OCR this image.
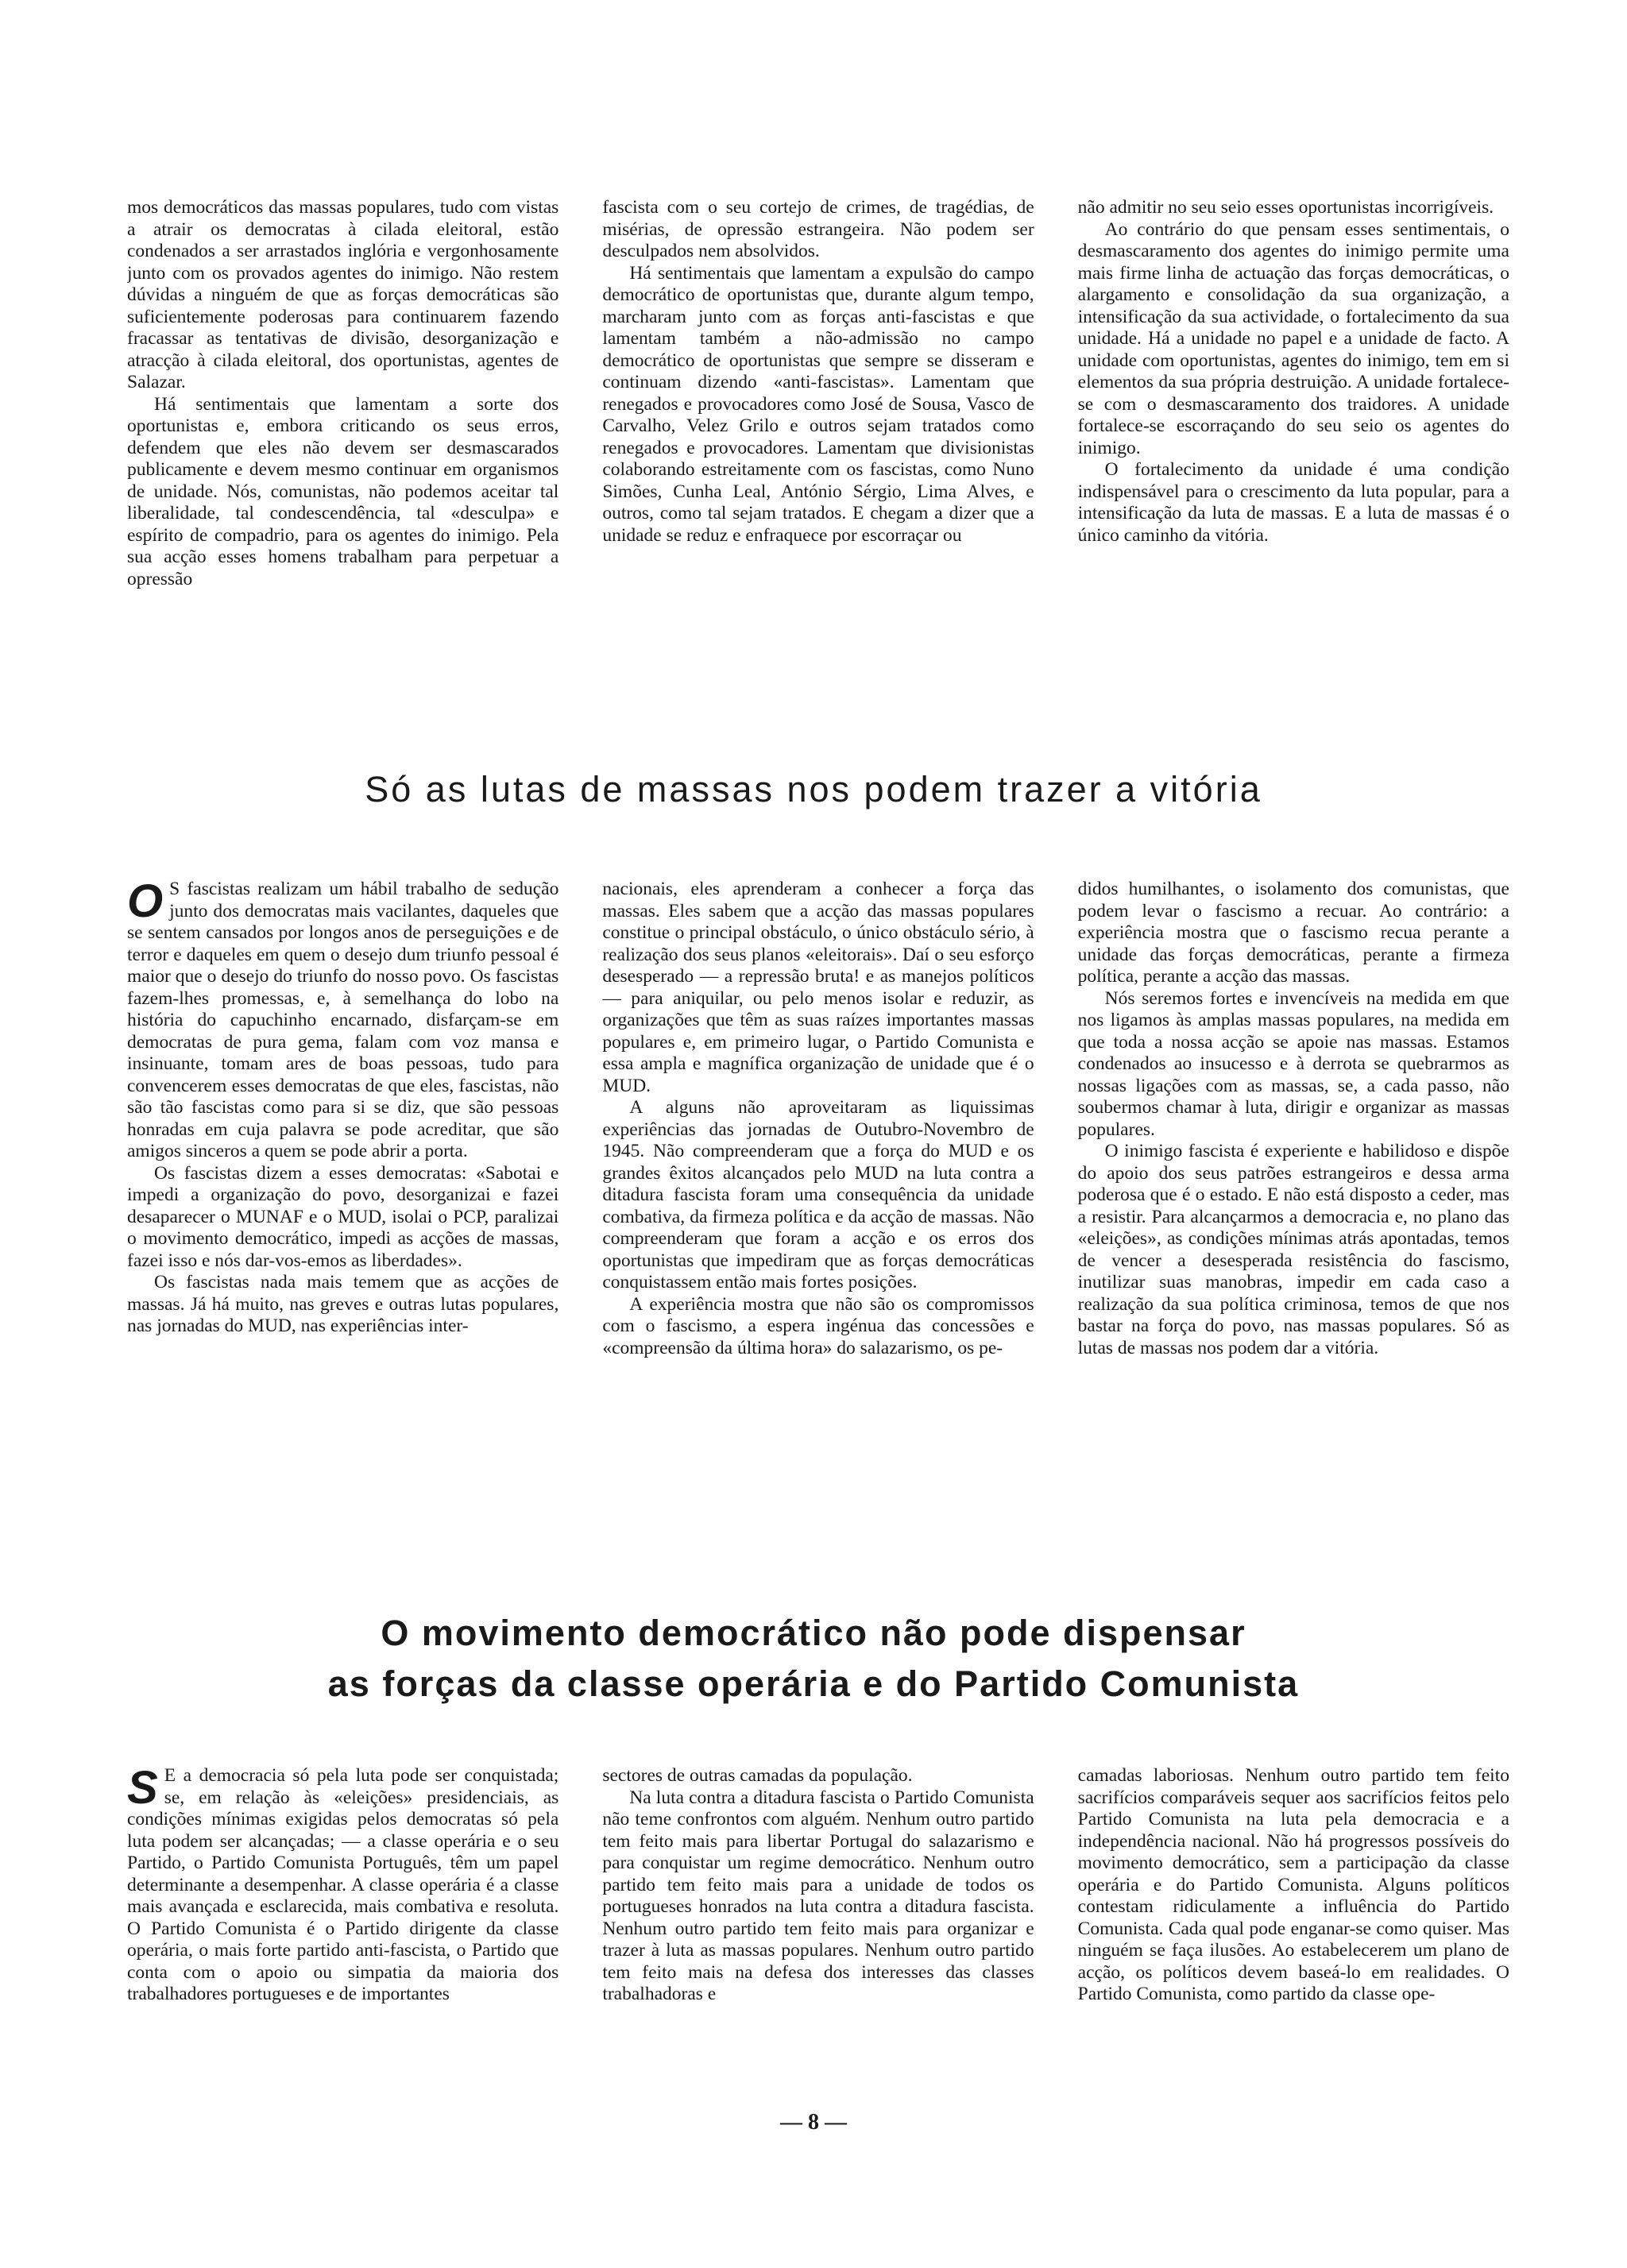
mos democráticos das massas populares, tudo com vistas a atrair os democratas à cilada eleitoral, estão condenados a ser arrastados inglória e vergonhosamente junto com os provados agentes do inimigo. Não restem dúvidas a ninguém de que as forças democráticas são suficientemente poderosas para continuarem fazendo fracassar as tentativas de divisão, desorganização e atracção à cilada eleitoral, dos oportunistas, agentes de Salazar.

Há sentimentais que lamentam a sorte dos oportunistas e, embora criticando os seus erros, defendem que eles não devem ser desmascarados publicamente e devem mesmo continuar em organismos de unidade. Nós, comunistas, não podemos aceitar tal liberalidade, tal condescendência, tal «desculpa» e espírito de compadrio, para os agentes do inimigo. Pela sua acção esses homens trabalham para perpetuar a opressão

fascista com o seu cortejo de crimes, de tragédias, de misérias, de opressão estrangeira. Não podem ser desculpados nem absolvidos.

Há sentimentais que lamentam a expulsão do campo democrático de oportunistas que, durante algum tempo, marcharam junto com as forças anti-fascistas e que lamentam também a não-admissão no campo democrático de oportunistas que sempre se disseram e continuam dizendo «anti-fascistas». Lamentam que renegados e provocadores como José de Sousa, Vasco de Carvalho, Velez Grilo e outros sejam tratados como renegados e provocadores. Lamentam que divisionistas colaborando estreitamente com os fascistas, como Nuno Simões, Cunha Leal, António Sérgio, Lima Alves, e outros, como tal sejam tratados. E chegam a dizer que a unidade se reduz e enfraquece por escorraçar ou

não admitir no seu seio esses oportunistas incorrigíveis.

Ao contrário do que pensam esses sentimentais, o desmascaramento dos agentes do inimigo permite uma mais firme linha de actuação das forças democráticas, o alargamento e consolidação da sua organização, a intensificação da sua actividade, o fortalecimento da sua unidade. Há a unidade no papel e a unidade de facto. A unidade com oportunistas, agentes do inimigo, tem em si elementos da sua própria destruição. A unidade fortalece-se com o desmascaramento dos traidores. A unidade fortalece-se escorraçando do seu seio os agentes do inimigo.

O fortalecimento da unidade é uma condição indispensável para o crescimento da luta popular, para a intensificação da luta de massas. E a luta de massas é o único caminho da vitória.

Só as lutas de massas nos podem trazer a vitória

O S fascistas realizam um hábil trabalho de sedução junto dos democratas mais vacilantes, daqueles que se sentem cansados por longos anos de perseguições e de terror e daqueles em quem o desejo dum triunfo pessoal é maior que o desejo do triunfo do nosso povo. Os fascistas fazem-lhes promessas, e, à semelhança do lobo na história do capuchinho encarnado, disfarçam-se em democratas de pura gema, falam com voz mansa e insinuante, tomam ares de boas pessoas, tudo para convencerem esses democratas de que eles, fascistas, não são tão fascistas como para si se diz, que são pessoas honradas em cuja palavra se pode acreditar, que são amigos sinceros a quem se pode abrir a porta.

Os fascistas dizem a esses democratas: «Sabotai e impedi a organização do povo, desorganizai e fazei desaparecer o MUNAF e o MUD, isolai o PCP, paralizai o movimento democrático, impedi as acções de massas, fazei isso e nós dar-vos-emos as liberdades».

Os fascistas nada mais temem que as acções de massas. Já há muito, nas greves e outras lutas populares, nas jornadas do MUD, nas experiências inter-

nacionais, eles aprenderam a conhecer a força das massas. Eles sabem que a acção das massas populares constitue o principal obstáculo, o único obstáculo sério, à realização dos seus planos «eleitorais». Daí o seu esforço desesperado — a repressão bruta! e as manejos políticos — para aniquilar, ou pelo menos isolar e reduzir, as organizações que têm as suas raízes importantes massas populares e, em primeiro lugar, o Partido Comunista e essa ampla e magnífica organização de unidade que é o MUD.

A alguns não aproveitaram as liquissimas experiências das jornadas de Outubro-Novembro de 1945. Não compreenderam que a força do MUD e os grandes êxitos alcançados pelo MUD na luta contra a ditadura fascista foram uma consequência da unidade combativa, da firmeza política e da acção de massas. Não compreenderam que foram a acção e os erros dos oportunistas que impediram que as forças democráticas conquistassem então mais fortes posições.

A experiência mostra que não são os compromissos com o fascismo, a espera ingénua das concessões e «compreensão da última hora» do salazarismo, os pe-

didos humilhantes, o isolamento dos comunistas, que podem levar o fascismo a recuar. Ao contrário: a experiência mostra que o fascismo recua perante a unidade das forças democráticas, perante a firmeza política, perante a acção das massas.

Nós seremos fortes e invencíveis na medida em que nos ligamos às amplas massas populares, na medida em que toda a nossa acção se apoie nas massas. Estamos condenados ao insucesso e à derrota se quebrarmos as nossas ligações com as massas, se, a cada passo, não soubermos chamar à luta, dirigir e organizar as massas populares.

O inimigo fascista é experiente e habilidoso e dispõe do apoio dos seus patrões estrangeiros e dessa arma poderosa que é o estado. E não está disposto a ceder, mas a resistir. Para alcançarmos a democracia e, no plano das «eleições», as condições mínimas atrás apontadas, temos de vencer a desesperada resistência do fascismo, inutilizar suas manobras, impedir em cada caso a realização da sua política criminosa, temos de que nos bastar na força do povo, nas massas populares. Só as lutas de massas nos podem dar a vitória.

O movimento democrático não pode dispensar
as forças da classe operária e do Partido Comunista

S E a democracia só pela luta pode ser conquistada; se, em relação às «eleições» presidenciais, as condições mínimas exigidas pelos democratas só pela luta podem ser alcançadas; — a classe operária e o seu Partido, o Partido Comunista Português, têm um papel determinante a desempenhar. A classe operária é a classe mais avançada e esclarecida, mais combativa e resoluta. O Partido Comunista é o Partido dirigente da classe operária, o mais forte partido anti-fascista, o Partido que conta com o apoio ou simpatia da maioria dos trabalhadores portugueses e de importantes

sectores de outras camadas da população.

Na luta contra a ditadura fascista o Partido Comunista não teme confrontos com alguém. Nenhum outro partido tem feito mais para libertar Portugal do salazarismo e para conquistar um regime democrático. Nenhum outro partido tem feito mais para a unidade de todos os portugueses honrados na luta contra a ditadura fascista. Nenhum outro partido tem feito mais para organizar e trazer à luta as massas populares. Nenhum outro partido tem feito mais na defesa dos interesses das classes trabalhadoras e

camadas laboriosas. Nenhum outro partido tem feito sacrifícios comparáveis sequer aos sacrifícios feitos pelo Partido Comunista na luta pela democracia e a independência nacional. Não há progressos possíveis do movimento democrático, sem a participação da classe operária e do Partido Comunista. Alguns políticos contestam ridiculamente a influência do Partido Comunista. Cada qual pode enganar-se como quiser. Mas ninguém se faça ilusões. Ao estabelecerem um plano de acção, os políticos devem baseá-lo em realidades. O Partido Comunista, como partido da classe ope-

— 8 —
